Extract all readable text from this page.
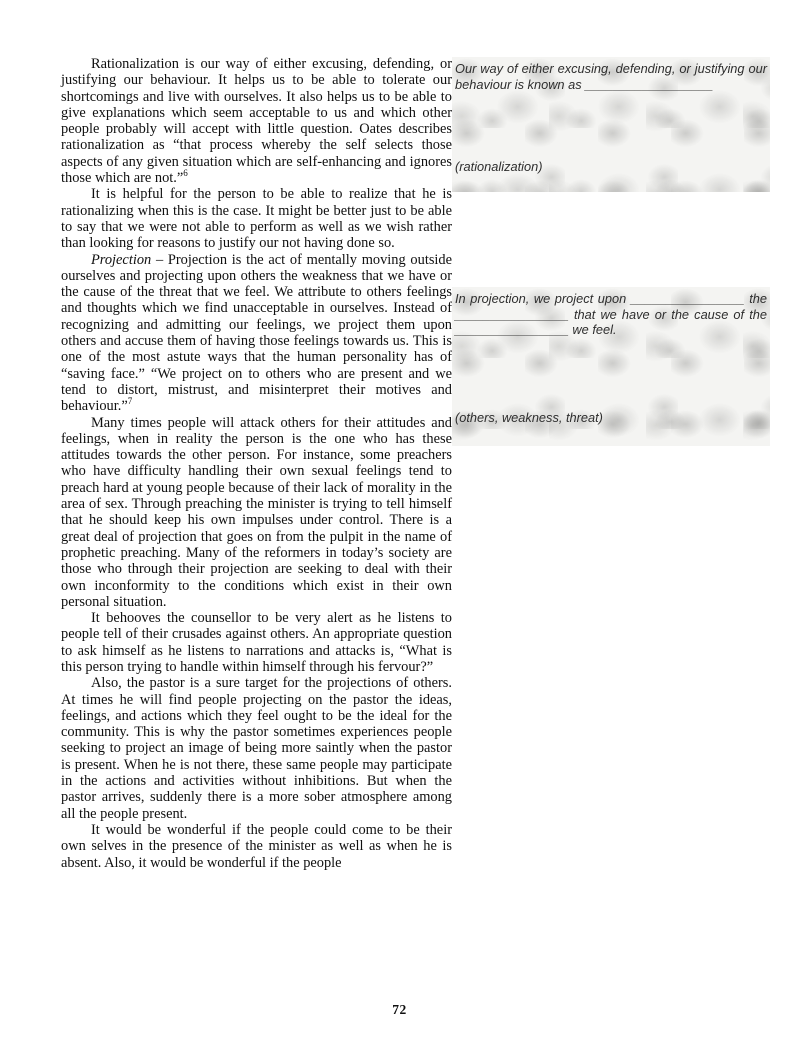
Rationalization is our way of either excusing, defending, or justifying our behaviour. It helps us to be able to tolerate our shortcomings and live with ourselves. It also helps us to be able to give explanations which seem acceptable to us and which other people probably will accept with little question. Oates describes rationalization as “that process whereby the self selects those aspects of any given situation which are self-enhancing and ignores those which are not.”$^6$

It is helpful for the person to be able to realize that he is rationalizing when this is the case. It might be better just to be able to say that we were not able to perform as well as we wish rather than looking for reasons to justify our not having done so.

Projection – Projection is the act of mentally moving outside ourselves and projecting upon others the weakness that we have or the cause of the threat that we feel. We attribute to others feelings and thoughts which we find unacceptable in ourselves. Instead of recognizing and admitting our feelings, we project them upon others and accuse them of having those feelings towards us. This is one of the most astute ways that the human personality has of “saving face.” “We project on to others who are present and we tend to distort, mistrust, and misinterpret their motives and behaviour.”$^7$

Many times people will attack others for their attitudes and feelings, when in reality the person is the one who has these attitudes towards the other person. For instance, some preachers who have difficulty handling their own sexual feelings tend to preach hard at young people because of their lack of morality in the area of sex. Through preaching the minister is trying to tell himself that he should keep his own impulses under control. There is a great deal of projection that goes on from the pulpit in the name of prophetic preaching. Many of the reformers in today’s society are those who through their projection are seeking to deal with their own inconformity to the conditions which exist in their own personal situation.

It behooves the counsellor to be very alert as he listens to people tell of their crusades against others. An appropriate question to ask himself as he listens to narrations and attacks is, “What is this person trying to handle within himself through his fervour?”

Also, the pastor is a sure target for the projections of others. At times he will find people projecting on the pastor the ideas, feelings, and actions which they feel ought to be the ideal for the community. This is why the pastor sometimes experiences people seeking to project an image of being more saintly when the pastor is present. When he is not there, these same people may participate in the actions and activities without inhibitions. But when the pastor arrives, suddenly there is a more sober atmosphere among all the people present.

It would be wonderful if the people could come to be their own selves in the presence of the minister as well as when he is absent. Also, it would be wonderful if the people

Our way of either excusing, defending, or justifying our behaviour is known as __________________

(rationalization)

In projection, we project upon ________________ the ________________ that we have or the cause of the ________________ we feel.

(others, weakness, threat)

72
